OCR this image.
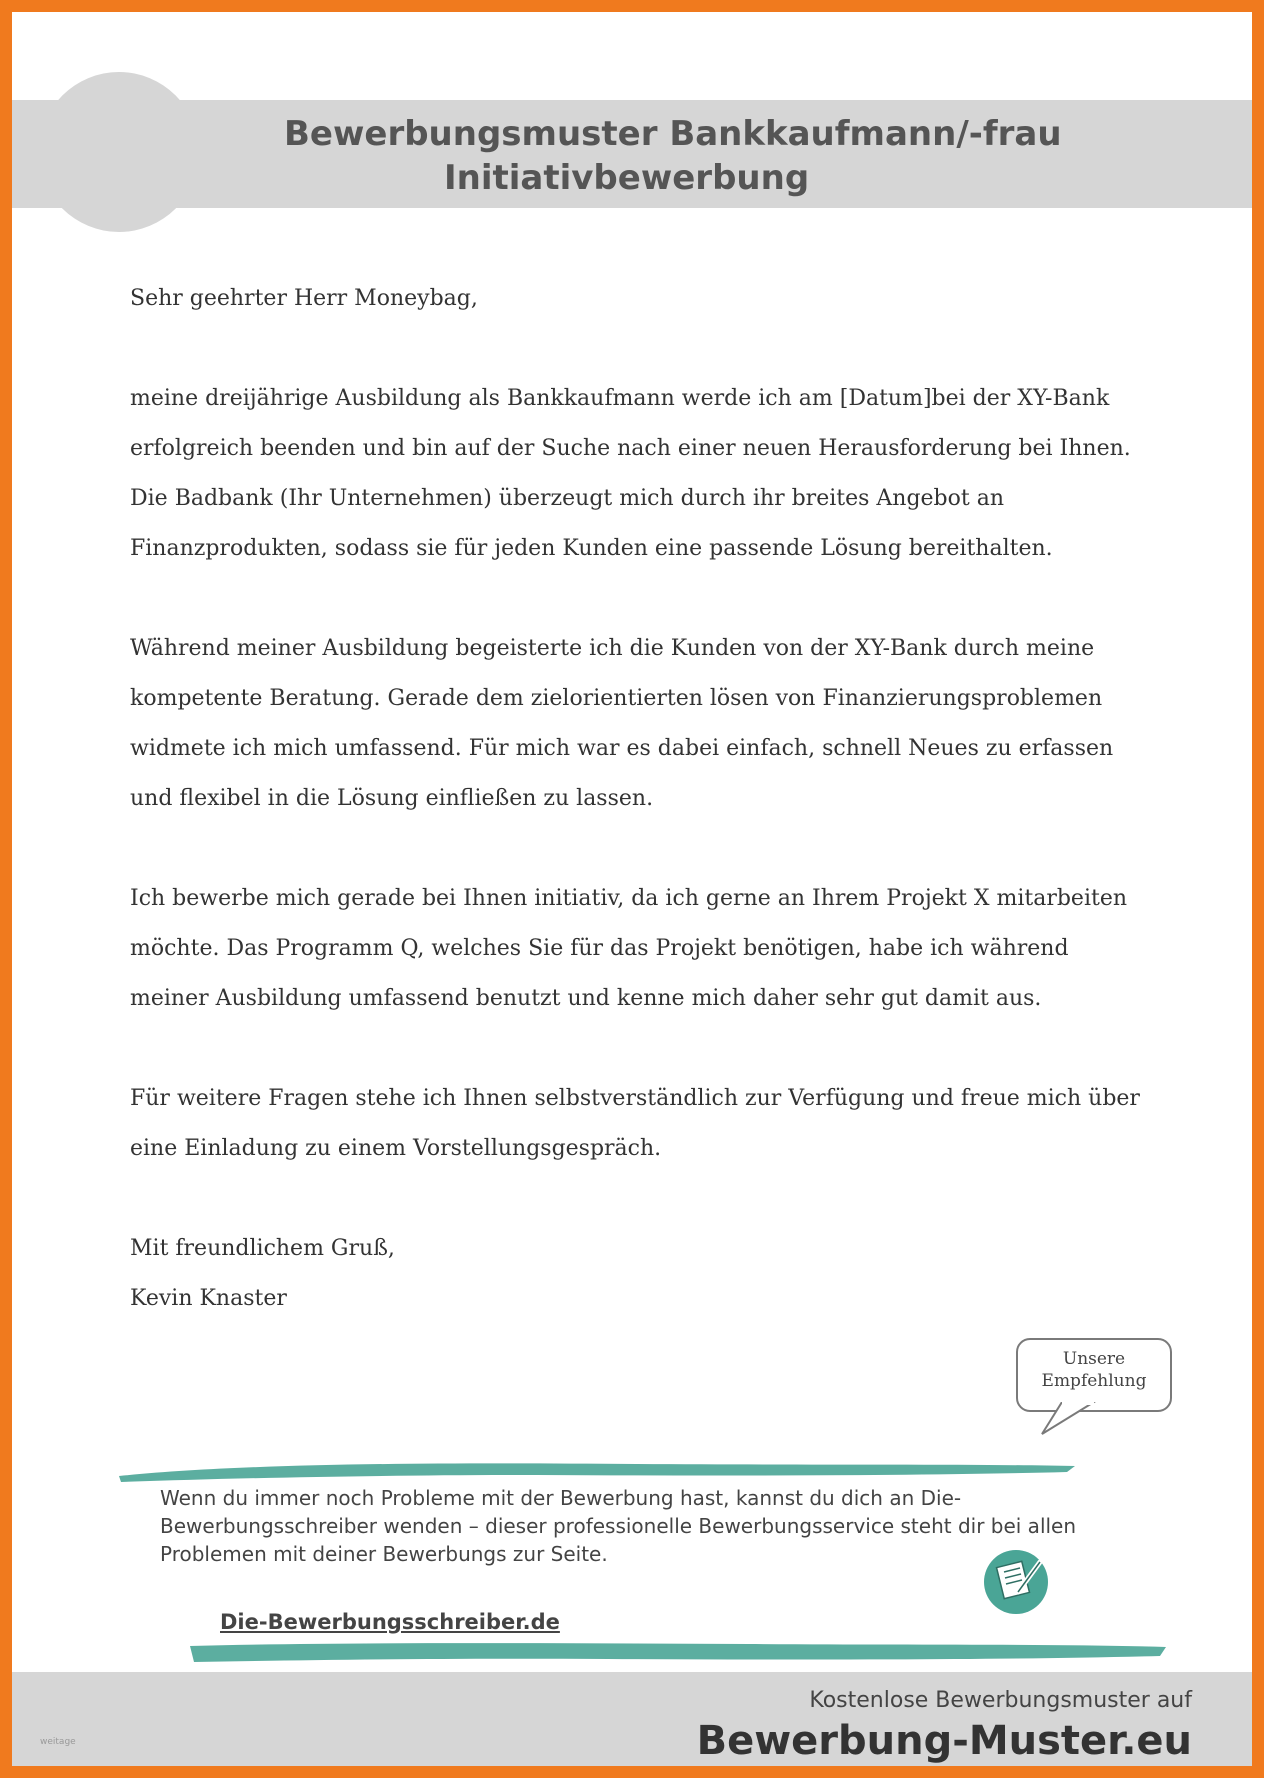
Bewerbungsmuster Bankkaufmann/-frau
Initiativbewerbung

Sehr geehrter Herr Moneybag,

meine dreijährige Ausbildung als Bankkaufmann werde ich am [Datum]bei der XY-Bank erfolgreich beenden und bin auf der Suche nach einer neuen Herausforderung bei Ihnen. Die Badbank (Ihr Unternehmen) überzeugt mich durch ihr breites Angebot an Finanzprodukten, sodass sie für jeden Kunden eine passende Lösung bereithalten.

Während meiner Ausbildung begeisterte ich die Kunden von der XY-Bank durch meine kompetente Beratung. Gerade dem zielorientierten lösen von Finanzierungsproblemen widmete ich mich umfassend. Für mich war es dabei einfach, schnell Neues zu erfassen und flexibel in die Lösung einfließen zu lassen.

Ich bewerbe mich gerade bei Ihnen initiativ, da ich gerne an Ihrem Projekt X mitarbeiten möchte. Das Programm Q, welches Sie für das Projekt benötigen, habe ich während meiner Ausbildung umfassend benutzt und kenne mich daher sehr gut damit aus.

Für weitere Fragen stehe ich Ihnen selbstverständlich zur Verfügung und freue mich über eine Einladung zu einem Vorstellungsgespräch.

Mit freundlichem Gruß,

Kevin Knaster

Unsere
Empfehlung
Wenn du immer noch Probleme mit der Bewerbung hast, kannst du dich an Die-Bewerbungsschreiber wenden – dieser professionelle Bewerbungsservice steht dir bei allen Problemen mit deiner Bewerbungs zur Seite.
Die-Bewerbungsschreiber.de
Kostenlose Bewerbungsmuster auf
Bewerbung-Muster.eu
weitage
